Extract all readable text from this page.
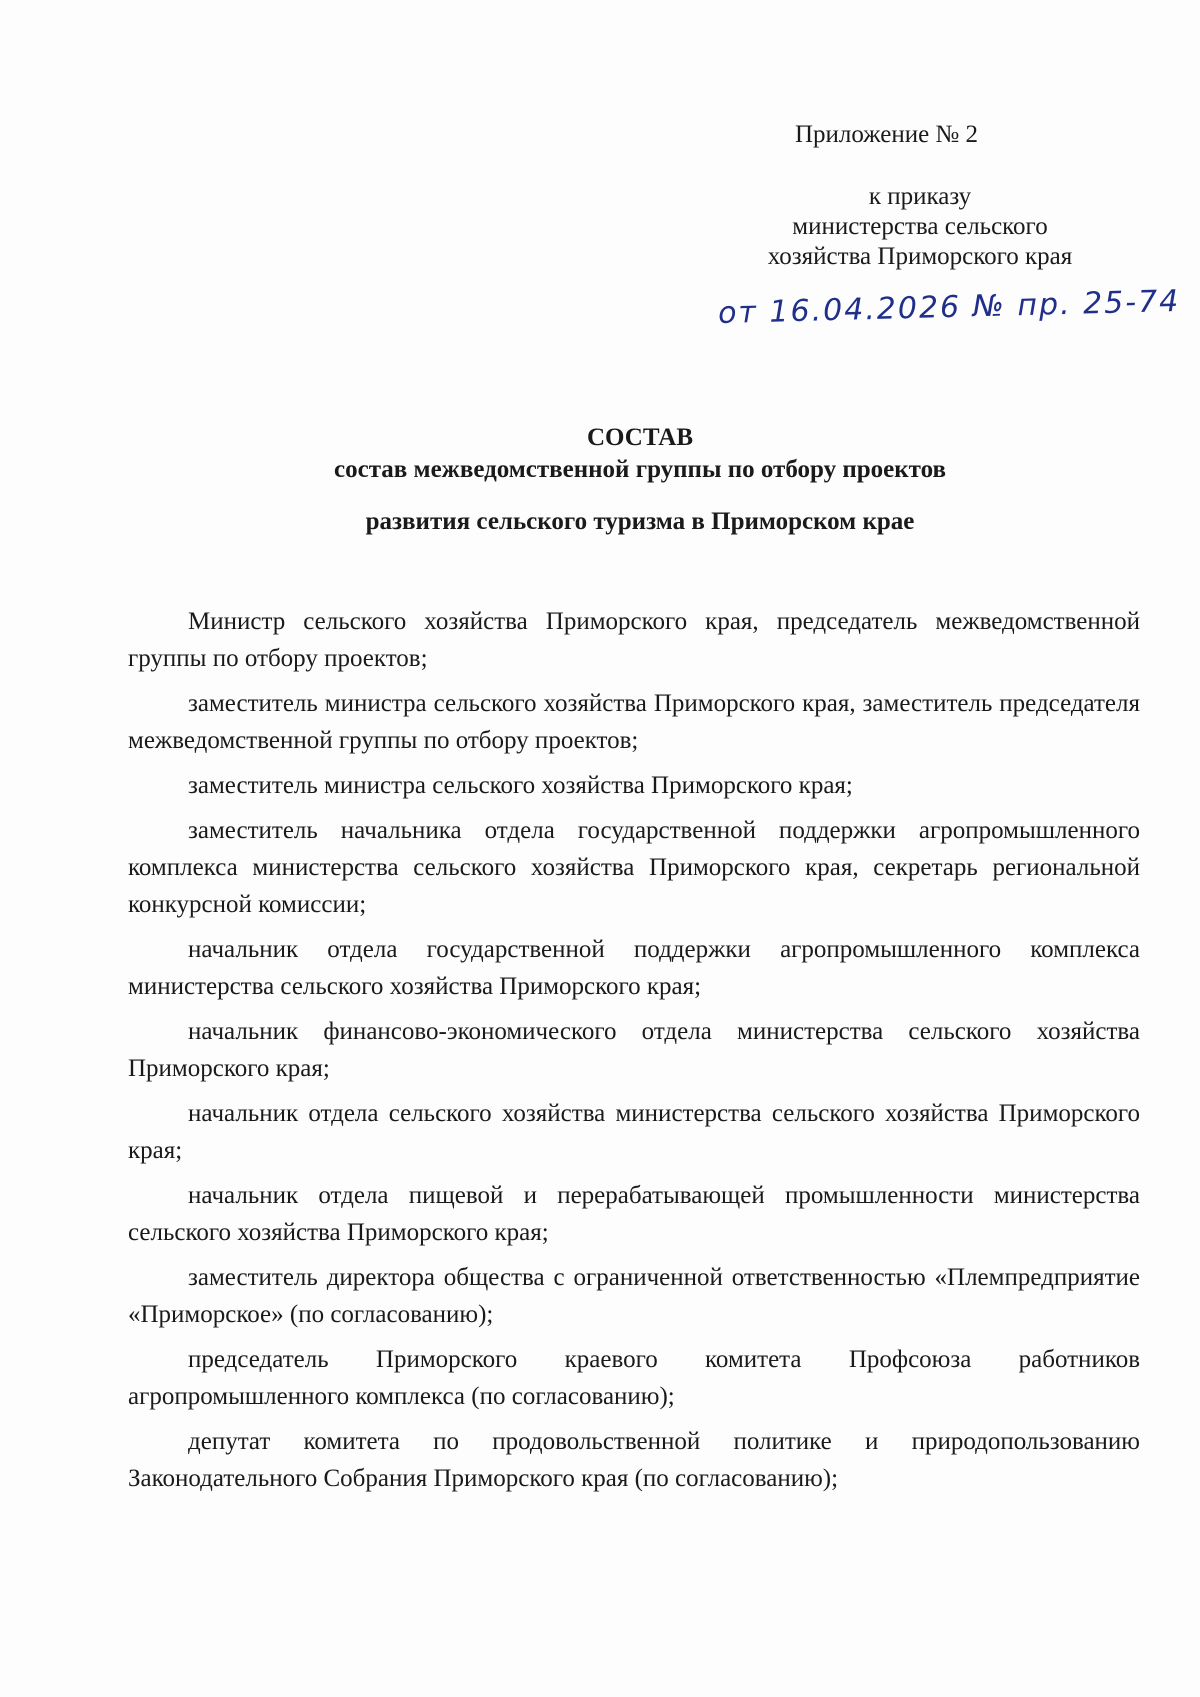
Приложение № 2
к приказу
министерства сельского
хозяйства Приморского края
от 16.04.2026 № пр. 25-74
СОСТАВ
состав межведомственной группы по отбору проектов
развития сельского туризма в Приморском крае

Министр сельского хозяйства Приморского края, председатель межведомственной группы по отбору проектов;

заместитель министра сельского хозяйства Приморского края, заместитель председателя межведомственной группы по отбору проектов;

заместитель министра сельского хозяйства Приморского края;

заместитель начальника отдела государственной поддержки агропромышленного комплекса министерства сельского хозяйства Приморского края, секретарь региональной конкурсной комиссии;

начальник отдела государственной поддержки агропромышленного комплекса министерства сельского хозяйства Приморского края;

начальник финансово-экономического отдела министерства сельского хозяйства Приморского края;

начальник отдела сельского хозяйства министерства сельского хозяйства Приморского края;

начальник отдела пищевой и перерабатывающей промышленности министерства сельского хозяйства Приморского края;

заместитель директора общества с ограниченной ответственностью «Племпредприятие «Приморское» (по согласованию);

председатель Приморского краевого комитета Профсоюза работников агропромышленного комплекса (по согласованию);

депутат комитета по продовольственной политике и природопользованию Законодательного Собрания Приморского края (по согласованию);
